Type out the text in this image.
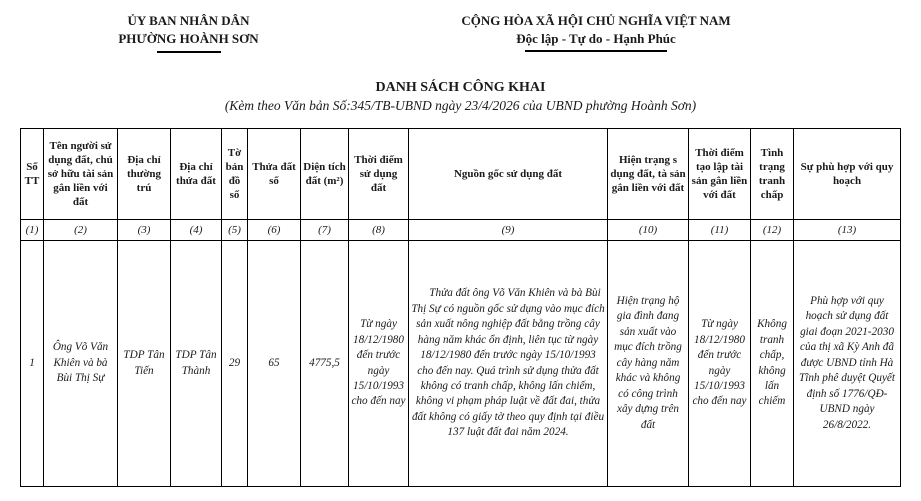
ỦY BAN NHÂN DÂN
PHƯỜNG HOÀNH SƠN
CỘNG HÒA XÃ HỘI CHỦ NGHĨA VIỆT NAM
Độc lập - Tự do - Hạnh Phúc
DANH SÁCH CÔNG KHAI
(Kèm theo Văn bản Số:345/TB-UBND ngày 23/4/2026 của UBND phường Hoành Sơn)
Số TT	Tên người sử dụng đất, chủ sở hữu tài sản gắn liền với đất	Địa chỉ thường trú	Địa chỉ thửa đất	Tờ bản đồ số	Thửa đất số	Diện tích đất (m²)	Thời điểm sử dụng đất	Nguồn gốc sử dụng đất	Hiện trạng s dụng đất, tà sản gắn liền với đất	Thời điểm tạo lập tài sản gắn liền với đất	Tình trạng tranh chấp	Sự phù hợp với quy hoạch
(1)	(2)	(3)	(4)	(5)	(6)	(7)	(8)	(9)	(10)	(11)	(12)	(13)
1	Ông Võ Văn Khiên và bà Bùi Thị Sự	TDP Tân Tiến	TDP Tân Thành	29	65	4775,5	Từ ngày 18/12/1980 đến trước ngày 15/10/1993 cho đến nay	Thửa đất ông Võ Văn Khiên và bà Bùi Thị Sự có nguồn gốc sử dụng vào mục đích sản xuất nông nghiệp đất bằng trồng cây hàng năm khác ổn định, liên tục từ ngày 18/12/1980 đến trước ngày 15/10/1993 cho đến nay. Quá trình sử dụng thửa đất không có tranh chấp, không lấn chiếm, không vi phạm pháp luật về đất đai, thửa đất không có giấy tờ theo quy định tại điều 137 luật đất đai năm 2024.	Hiện trạng hộ gia đình đang sản xuất vào mục đích trồng cây hàng năm khác và không có công trình xây dựng trên đất	Từ ngày 18/12/1980 đến trước ngày 15/10/1993 cho đến nay	Không tranh chấp, không lấn chiếm	Phù hợp với quy hoạch sử dụng đất giai đoạn 2021-2030 của thị xã Kỳ Anh đã được UBND tỉnh Hà Tĩnh phê duyệt Quyết định số 1776/QĐ-UBND ngày 26/8/2022.
